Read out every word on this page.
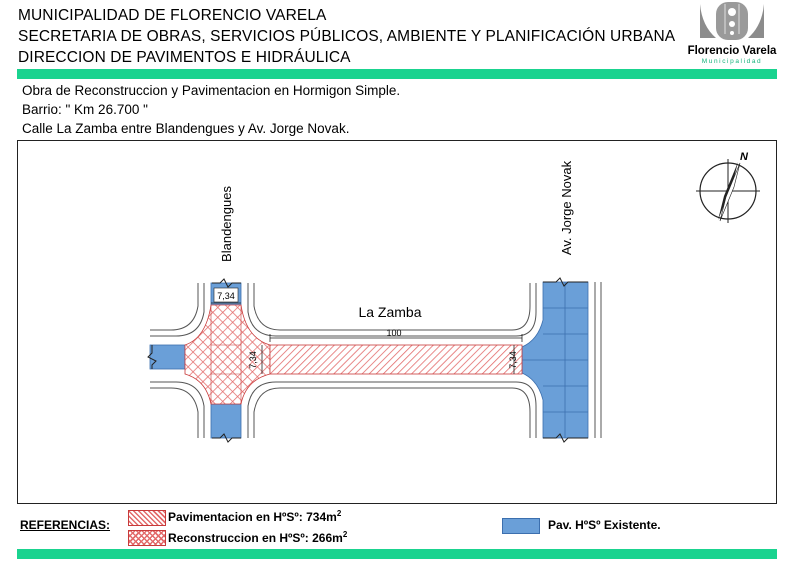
MUNICIPALIDAD DE FLORENCIO VARELA
SECRETARIA DE OBRAS, SERVICIOS PÚBLICOS, AMBIENTE Y PLANIFICACIÓN URBANA
DIRECCION DE PAVIMENTOS E HIDRÁULICA	Florencio Varela
Municipalidad
Obra de Reconstruccion y Pavimentacion en Hormigon Simple.
Barrio: " Km 26.700 "
Calle La Zamba entre Blandengues y Av. Jorge Novak.
7,34
7,34
100
7,34
La Zamba
Blandengues	Av. Jorge Novak
N
REFERENCIAS:
Pavimentacion en HºSº: $734m^2$
Reconstruccion en HºSº: $266m^2$
Pav. HºSº Existente.
